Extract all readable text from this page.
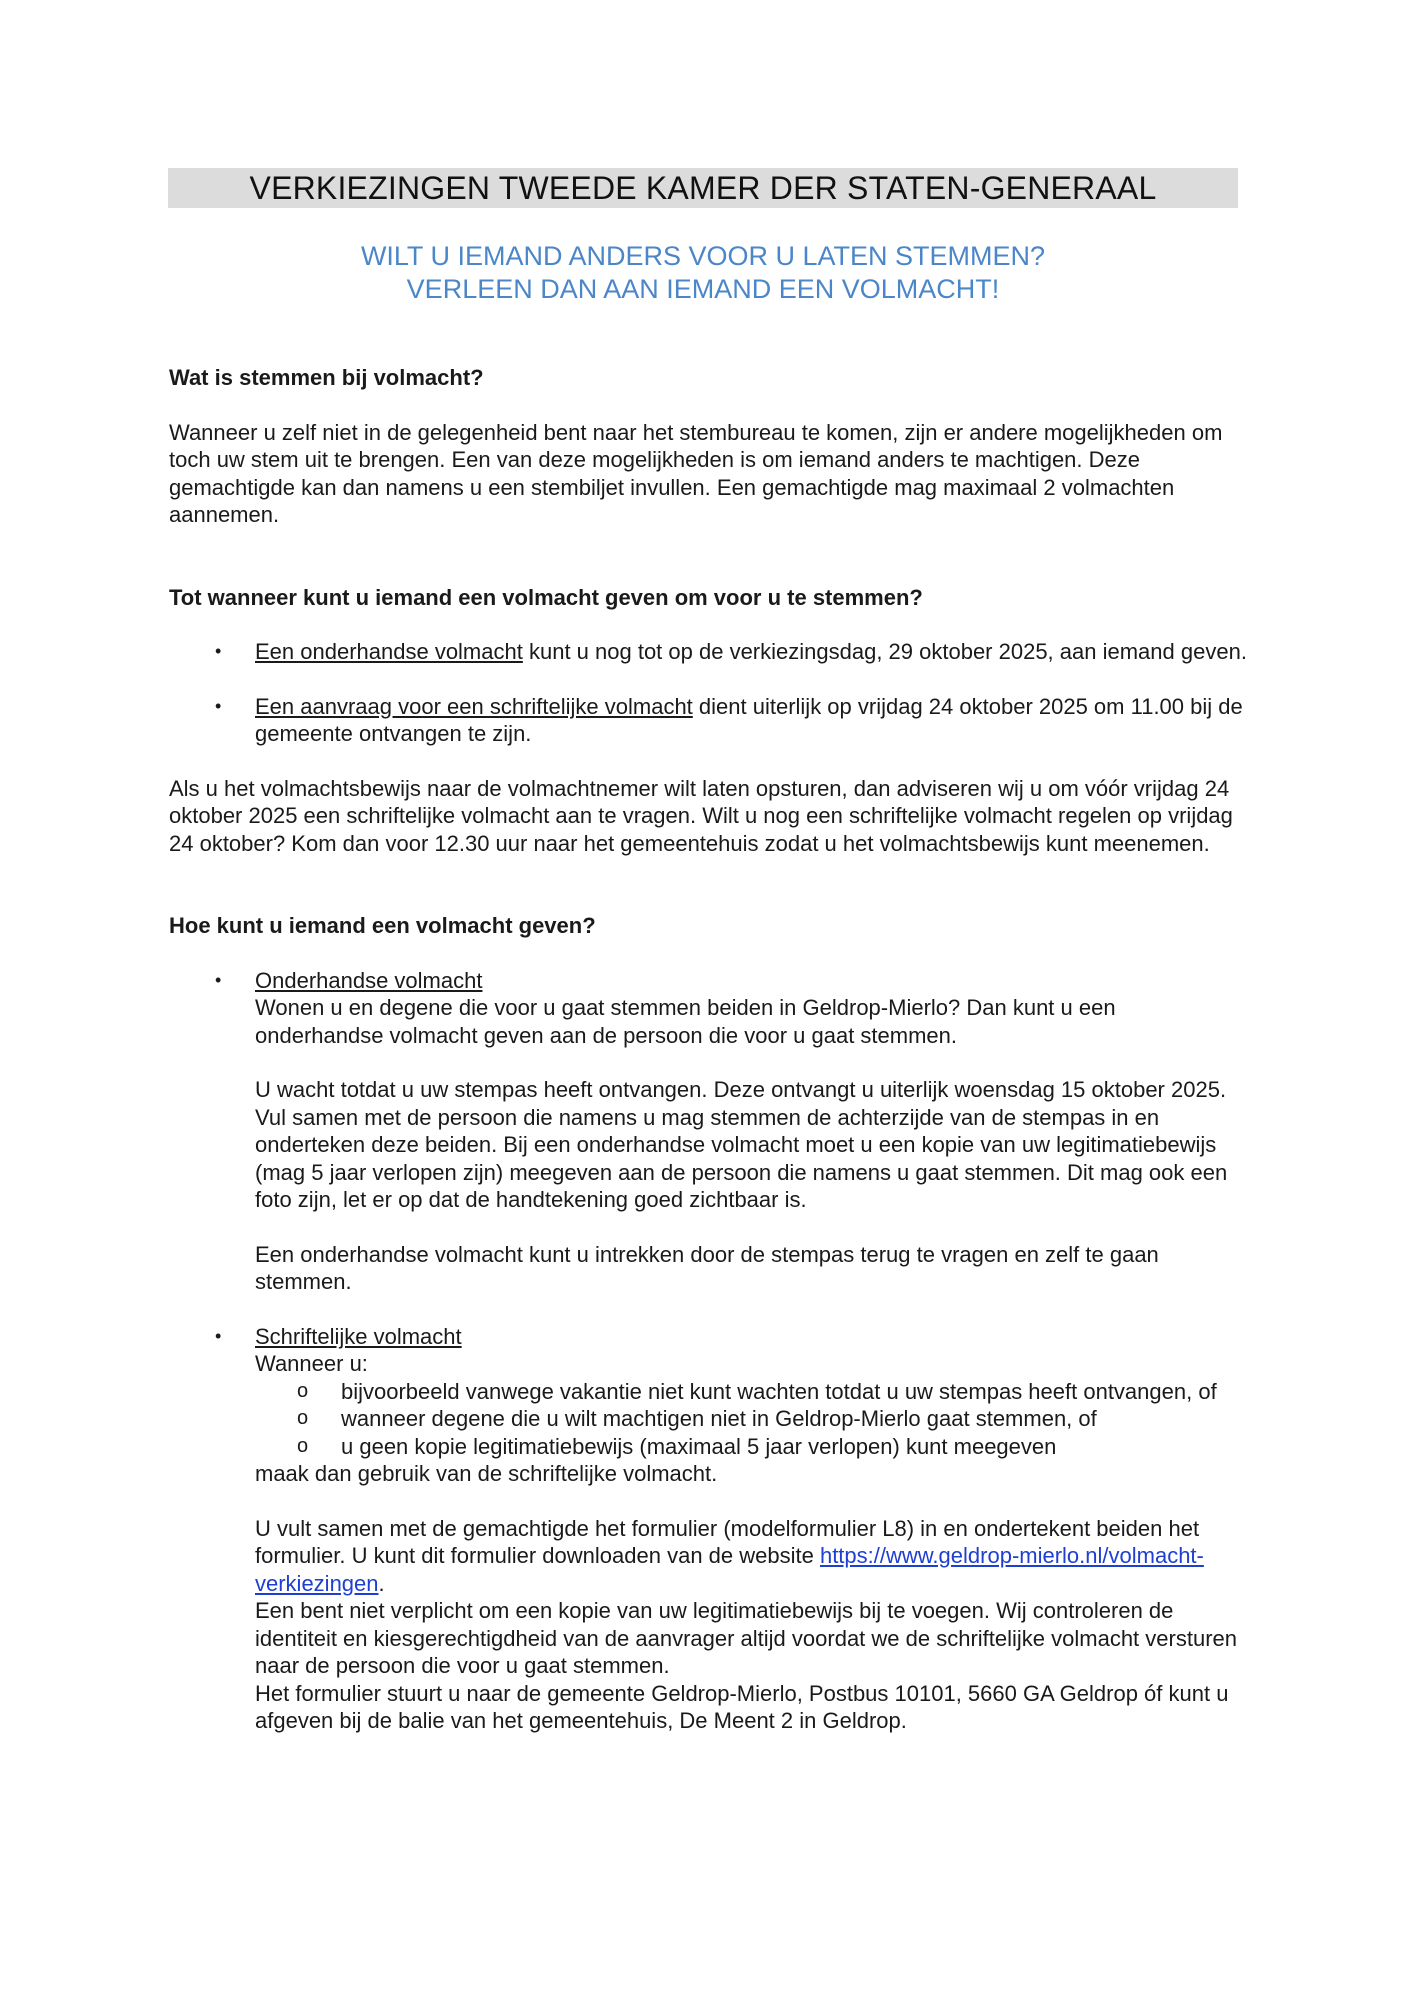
VERKIEZINGEN TWEEDE KAMER DER STATEN-GENERAAL
WILT U IEMAND ANDERS VOOR U LATEN STEMMEN?
VERLEEN DAN AAN IEMAND EEN VOLMACHT!

Wat is stemmen bij volmacht?

Wanneer u zelf niet in de gelegenheid bent naar het stembureau te komen, zijn er andere mogelijkheden om toch uw stem uit te brengen. Een van deze mogelijkheden is om iemand anders te machtigen. Deze gemachtigde kan dan namens u een stembiljet invullen. Een gemachtigde mag maximaal 2 volmachten aannemen.

Tot wanneer kunt u iemand een volmacht geven om voor u te stemmen?

• Een onderhandse volmacht kunt u nog tot op de verkiezingsdag, 29 oktober 2025, aan iemand geven.
• Een aanvraag voor een schriftelijke volmacht dient uiterlijk op vrijdag 24 oktober 2025 om 11.00 bij de gemeente ontvangen te zijn.

Als u het volmachtsbewijs naar de volmachtnemer wilt laten opsturen, dan adviseren wij u om vóór vrijdag 24 oktober 2025 een schriftelijke volmacht aan te vragen. Wilt u nog een schriftelijke volmacht regelen op vrijdag 24 oktober? Kom dan voor 12.30 uur naar het gemeentehuis zodat u het volmachtsbewijs kunt meenemen.

Hoe kunt u iemand een volmacht geven?

• Onderhandse volmacht

Wonen u en degene die voor u gaat stemmen beiden in Geldrop-Mierlo? Dan kunt u een onderhandse volmacht geven aan de persoon die voor u gaat stemmen.

U wacht totdat u uw stempas heeft ontvangen. Deze ontvangt u uiterlijk woensdag 15 oktober 2025. Vul samen met de persoon die namens u mag stemmen de achterzijde van de stempas in en onderteken deze beiden. Bij een onderhandse volmacht moet u een kopie van uw legitimatiebewijs (mag 5 jaar verlopen zijn) meegeven aan de persoon die namens u gaat stemmen. Dit mag ook een foto zijn, let er op dat de handtekening goed zichtbaar is.

Een onderhandse volmacht kunt u intrekken door de stempas terug te vragen en zelf te gaan stemmen.

• Schriftelijke volmacht

Wanneer u:

o bijvoorbeeld vanwege vakantie niet kunt wachten totdat u uw stempas heeft ontvangen, of
o wanneer degene die u wilt machtigen niet in Geldrop-Mierlo gaat stemmen, of
o u geen kopie legitimatiebewijs (maximaal 5 jaar verlopen) kunt meegeven

maak dan gebruik van de schriftelijke volmacht.

U vult samen met de gemachtigde het formulier (modelformulier L8) in en ondertekent beiden het formulier. U kunt dit formulier downloaden van de website https://www.geldrop-mierlo.nl/volmacht-verkiezingen.

Een bent niet verplicht om een kopie van uw legitimatiebewijs bij te voegen. Wij controleren de identiteit en kiesgerechtigdheid van de aanvrager altijd voordat we de schriftelijke volmacht versturen naar de persoon die voor u gaat stemmen.

Het formulier stuurt u naar de gemeente Geldrop-Mierlo, Postbus 10101, 5660 GA Geldrop óf kunt u afgeven bij de balie van het gemeentehuis, De Meent 2 in Geldrop.
